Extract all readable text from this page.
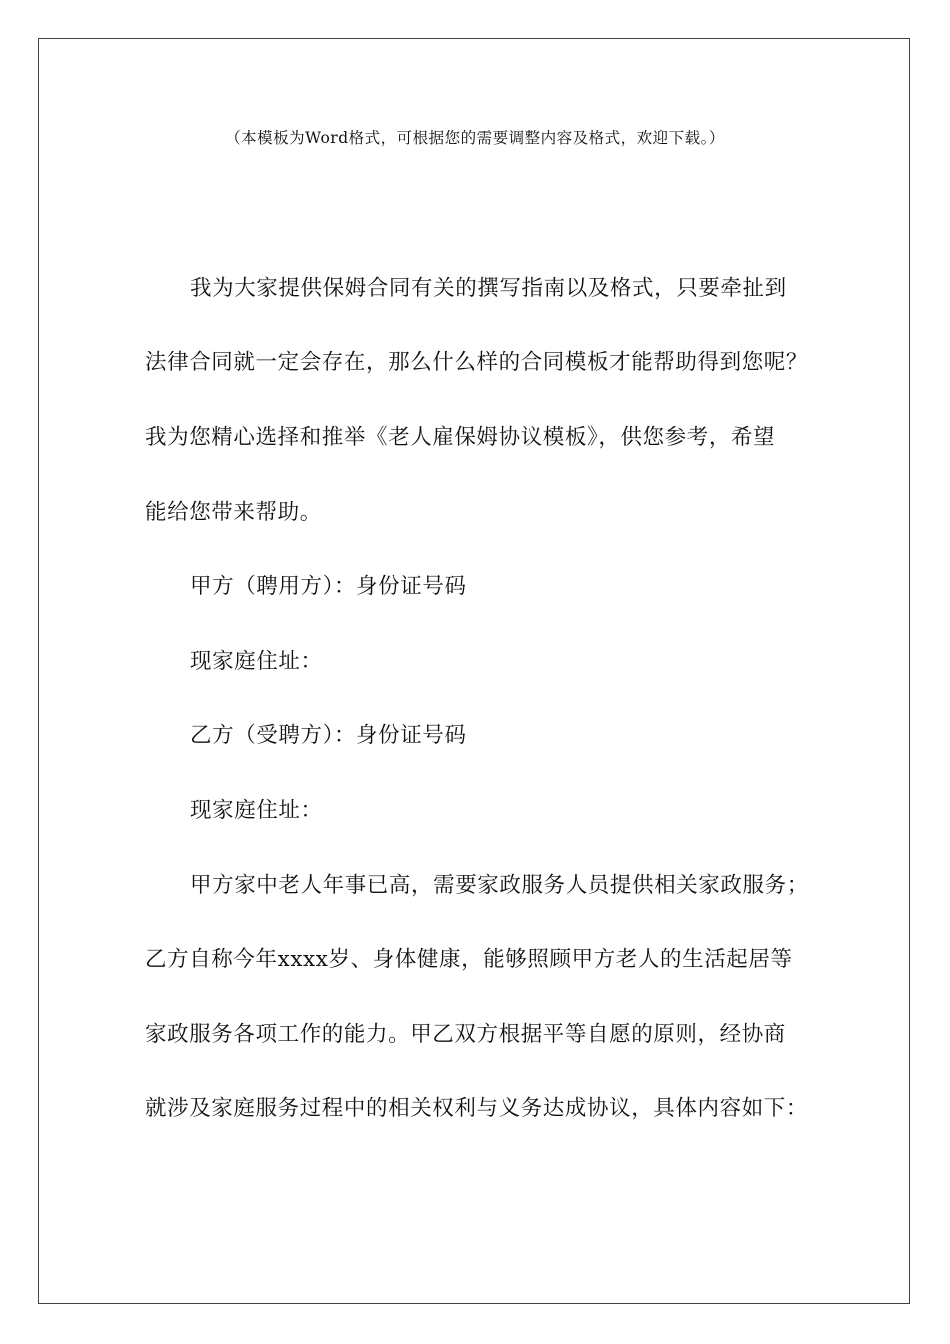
（本模板为Word格式，可根据您的需要调整内容及格式，欢迎下载。）
我为大家提供保姆合同有关的撰写指南以及格式，只要牵扯到
法律合同就一定会存在，那么什么样的合同模板才能帮助得到您呢？
我为您精心选择和推举《老人雇保姆协议模板》，供您参考，希望
能给您带来帮助。
甲方（聘用方）：身份证号码
现家庭住址：
乙方（受聘方）：身份证号码
现家庭住址：
甲方家中老人年事已高，需要家政服务人员提供相关家政服务；
乙方自称今年xxxx岁、身体健康，能够照顾甲方老人的生活起居等
家政服务各项工作的能力。甲乙双方根据平等自愿的原则，经协商
就涉及家庭服务过程中的相关权利与义务达成协议，具体内容如下：
